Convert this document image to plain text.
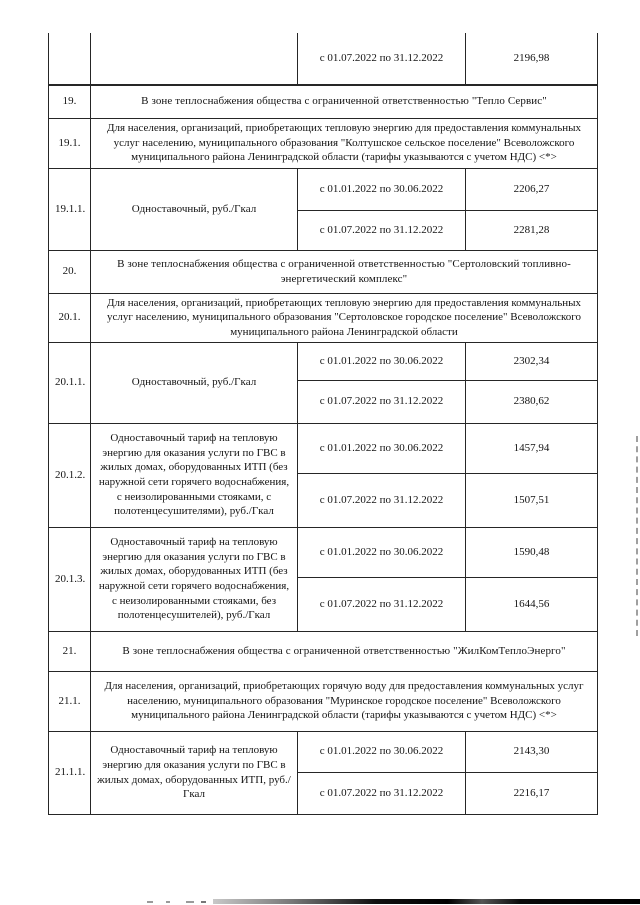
		с 01.07.2022 по 31.12.2022	2196,98
19.	В зоне теплоснабжения общества с ограниченной ответственностью "Тепло Сервис"		
19.1.	Для населения, организаций, приобретающих тепловую энергию для предоставления коммунальных услуг населению, муниципального образования "Колтушское сельское поселение" Всеволожского муниципального района Ленинградской области (тарифы указываются с учетом НДС) <*>		
19.1.1.	Одноставочный, руб./Гкал	с 01.01.2022 по 30.06.2022	2206,27
		с 01.07.2022 по 31.12.2022	2281,28
20.	В зоне теплоснабжения общества с ограниченной ответственностью "Сертоловский топливно-энергетический комплекс"		
20.1.	Для населения, организаций, приобретающих тепловую энергию для предоставления коммунальных услуг населению, муниципального образования "Сертоловское городское поселение" Всеволожского муниципального района Ленинградской области		
20.1.1.	Одноставочный, руб./Гкал	с 01.01.2022 по 30.06.2022	2302,34
		с 01.07.2022 по 31.12.2022	2380,62
20.1.2.	Одноставочный тариф на тепловую энергию для оказания услуги по ГВС в жилых домах, оборудованных ИТП (без наружной сети горячего водоснабжения, с неизолированными стояками, с полотенцесушителями), руб./Гкал	с 01.01.2022 по 30.06.2022	1457,94
		с 01.07.2022 по 31.12.2022	1507,51
20.1.3.	Одноставочный тариф на тепловую энергию для оказания услуги по ГВС в жилых домах, оборудованных ИТП (без наружной сети горячего водоснабжения, с неизолированными стояками, без полотенцесушителей), руб./Гкал	с 01.01.2022 по 30.06.2022	1590,48
		с 01.07.2022 по 31.12.2022	1644,56
21.	В зоне теплоснабжения общества с ограниченной ответственностью "ЖилКомТеплоЭнерго"		
21.1.	Для населения, организаций, приобретающих горячую воду для предоставления коммунальных услуг населению, муниципального образования "Муринское городское поселение" Всеволожского муниципального района Ленинградской области (тарифы указываются с учетом НДС) <*>		
21.1.1.	Одноставочный тариф на тепловую энергию для оказания услуги по ГВС в жилых домах, оборудованных ИТП, руб./Гкал	с 01.01.2022 по 30.06.2022	2143,30
		с 01.07.2022 по 31.12.2022	2216,17
